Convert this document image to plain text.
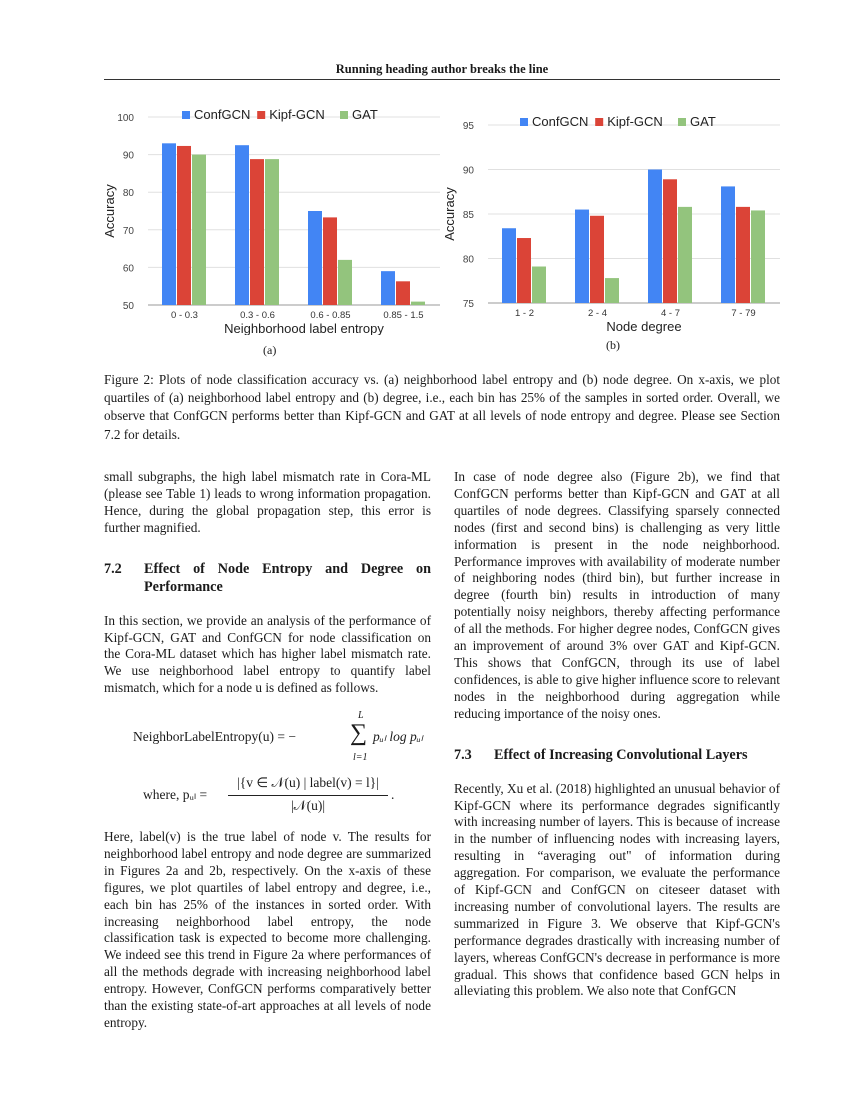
Running heading author breaks the line
50
60
70
80
90
100
0 - 0.3	0.3 - 0.6	0.6 - 0.85	0.85 - 1.5
Neighborhood label entropy
Accuracy
ConfGCN Kipf-GCN GAT
(a)
75
80
85
90
95
1 - 2	2 - 4	4 - 7	7 - 79
Node degree
Accuracy
ConfGCN Kipf-GCN GAT
(b)
Figure 2: Plots of node classification accuracy vs. (a) neighborhood label entropy and (b) node degree. On x-axis, we plot quartiles of (a) neighborhood label entropy and (b) degree, i.e., each bin has 25% of the samples in sorted order. Overall, we observe that ConfGCN performs better than Kipf-GCN and GAT at all levels of node entropy and degree. Please see Section 7.2 for details.

small subgraphs, the high label mismatch rate in Cora-ML (please see Table 1) leads to wrong information propagation. Hence, during the global propagation step, this error is further magnified.

7.2	Effect of Node Entropy and Degree on Performance

In this section, we provide an analysis of the performance of Kipf-GCN, GAT and ConfGCN for node classification on the Cora-ML dataset which has higher label mismatch rate. We use neighborhood label entropy to quantify label mismatch, which for a node u is defined as follows.

NeighborLabelEntropy(u) = −
L
∑
l=1
pᵤₗ log pᵤₗ
where, pᵤₗ =
|{v ∈ 𝒩(u) | label(v) = l}|
|𝒩(u)|
.

Here, label(v) is the true label of node v. The results for neighborhood label entropy and node degree are summarized in Figures 2a and 2b, respectively. On the x-axis of these figures, we plot quartiles of label entropy and degree, i.e., each bin has 25% of the instances in sorted order. With increasing neighborhood label entropy, the node classification task is expected to become more challenging. We indeed see this trend in Figure 2a where performances of all the methods degrade with increasing neighborhood label entropy. However, ConfGCN performs comparatively better than the existing state-of-art approaches at all levels of node entropy.

In case of node degree also (Figure 2b), we find that ConfGCN performs better than Kipf-GCN and GAT at all quartiles of node degrees. Classifying sparsely connected nodes (first and second bins) is challenging as very little information is present in the node neighborhood. Performance improves with availability of moderate number of neighboring nodes (third bin), but further increase in degree (fourth bin) results in introduction of many potentially noisy neighbors, thereby affecting performance of all the methods. For higher degree nodes, ConfGCN gives an improvement of around 3% over GAT and Kipf-GCN. This shows that ConfGCN, through its use of label confidences, is able to give higher influence score to relevant nodes in the neighborhood during aggregation while reducing importance of the noisy ones.

7.3	Effect of Increasing Convolutional Layers

Recently, Xu et al. (2018) highlighted an unusual behavior of Kipf-GCN where its performance degrades significantly with increasing number of layers. This is because of increase in the number of influencing nodes with increasing layers, resulting in “averaging out" of information during aggregation. For comparison, we evaluate the performance of Kipf-GCN and ConfGCN on citeseer dataset with increasing number of convolutional layers. The results are summarized in Figure 3. We observe that Kipf-GCN's performance degrades drastically with increasing number of layers, whereas ConfGCN's decrease in performance is more gradual. This shows that confidence based GCN helps in alleviating this problem. We also note that ConfGCN
